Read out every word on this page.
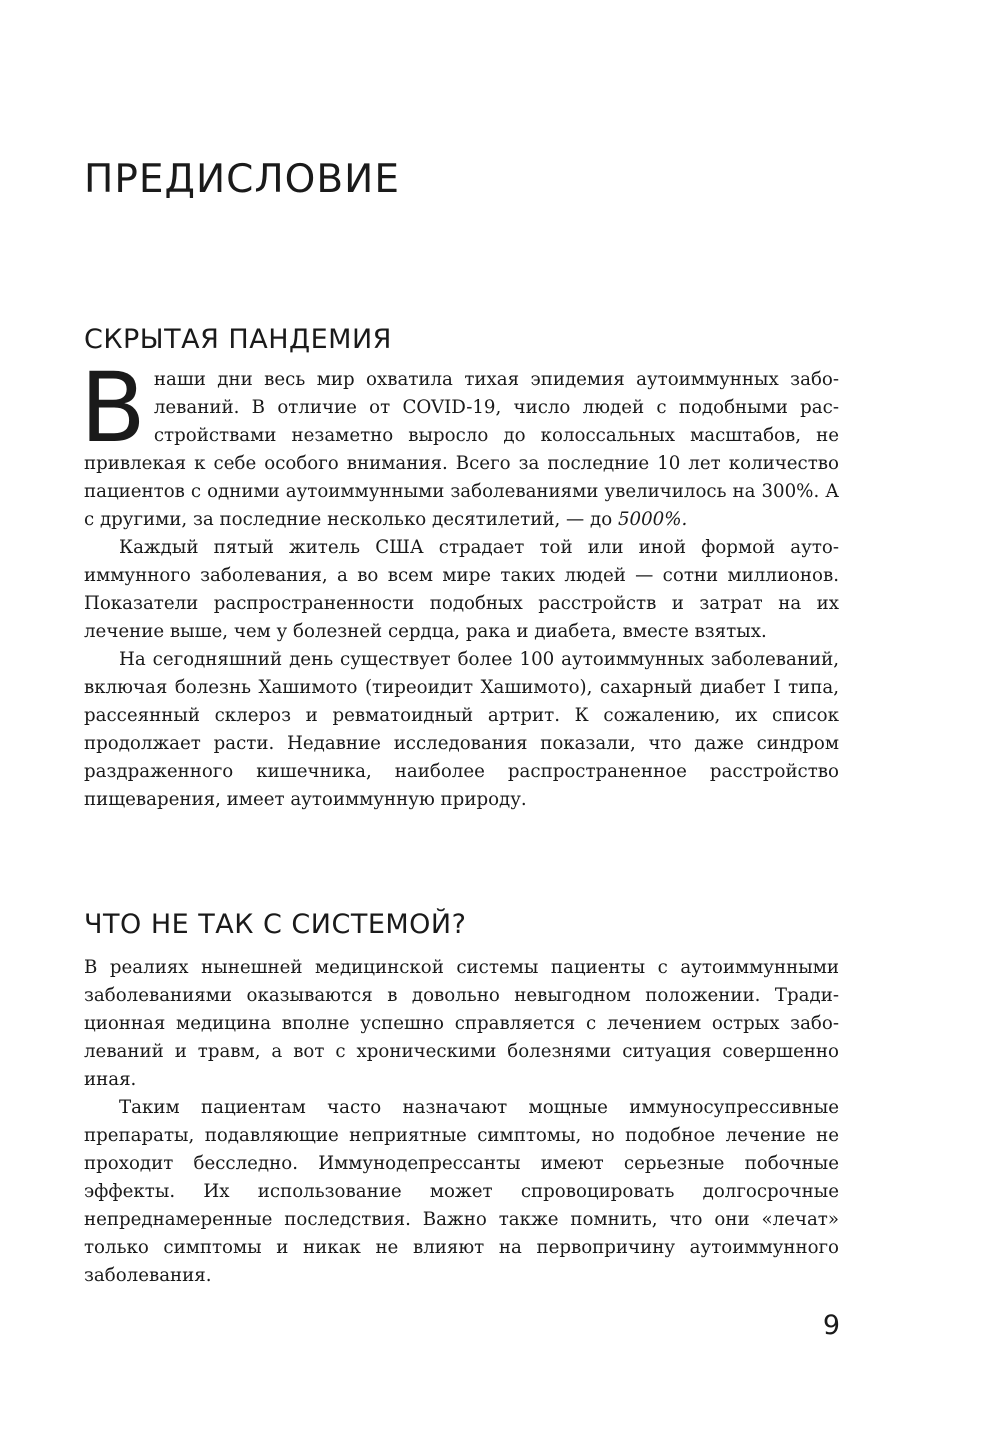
ПРЕДИСЛОВИЕ
СКРЫТАЯ ПАНДЕМИЯ

Внаши дни весь мир охватила тихая эпидемия аутоиммунных заболеваний. В отличие от COVID-19, число людей с подобными расстройствами незаметно выросло до колоссальных масштабов, не привлекая к себе особого внимания. Всего за последние 10 лет количество пациентов с одними аутоиммунными заболеваниями увеличилось на 300%. А с другими, за последние несколько десятилетий, — до 5000%.

Каждый пятый житель США страдает той или иной формой аутоиммунного заболевания, а во всем мире таких людей — сотни миллионов. Показатели распространенности подобных расстройств и затрат на их лечение выше, чем у болезней сердца, рака и диабета, вместе взятых.

На сегодняшний день существует более 100 аутоиммунных заболеваний, включая болезнь Хашимото (тиреоидит Хашимото), сахарный диабет I типа, рассеянный склероз и ревматоидный артрит. К сожалению, их список продолжает расти. Недавние исследования показали, что даже синдром раздраженного кишечника, наиболее распространенное расстройство пищеварения, имеет аутоиммунную природу.

ЧТО НЕ ТАК С СИСТЕМОЙ?

В реалиях нынешней медицинской системы пациенты с аутоиммунными заболеваниями оказываются в довольно невыгодном положении. Традиционная медицина вполне успешно справляется с лечением острых заболеваний и травм, а вот с хроническими болезнями ситуация совершенно иная.

Таким пациентам часто назначают мощные иммуносупрессивные препараты, подавляющие неприятные симптомы, но подобное лечение не проходит бесследно. Иммунодепрессанты имеют серьезные побочные эффекты. Их использование может спровоцировать долгосрочные непреднамеренные последствия. Важно также помнить, что они «лечат» только симптомы и никак не влияют на первопричину аутоиммунного заболевания.

9
